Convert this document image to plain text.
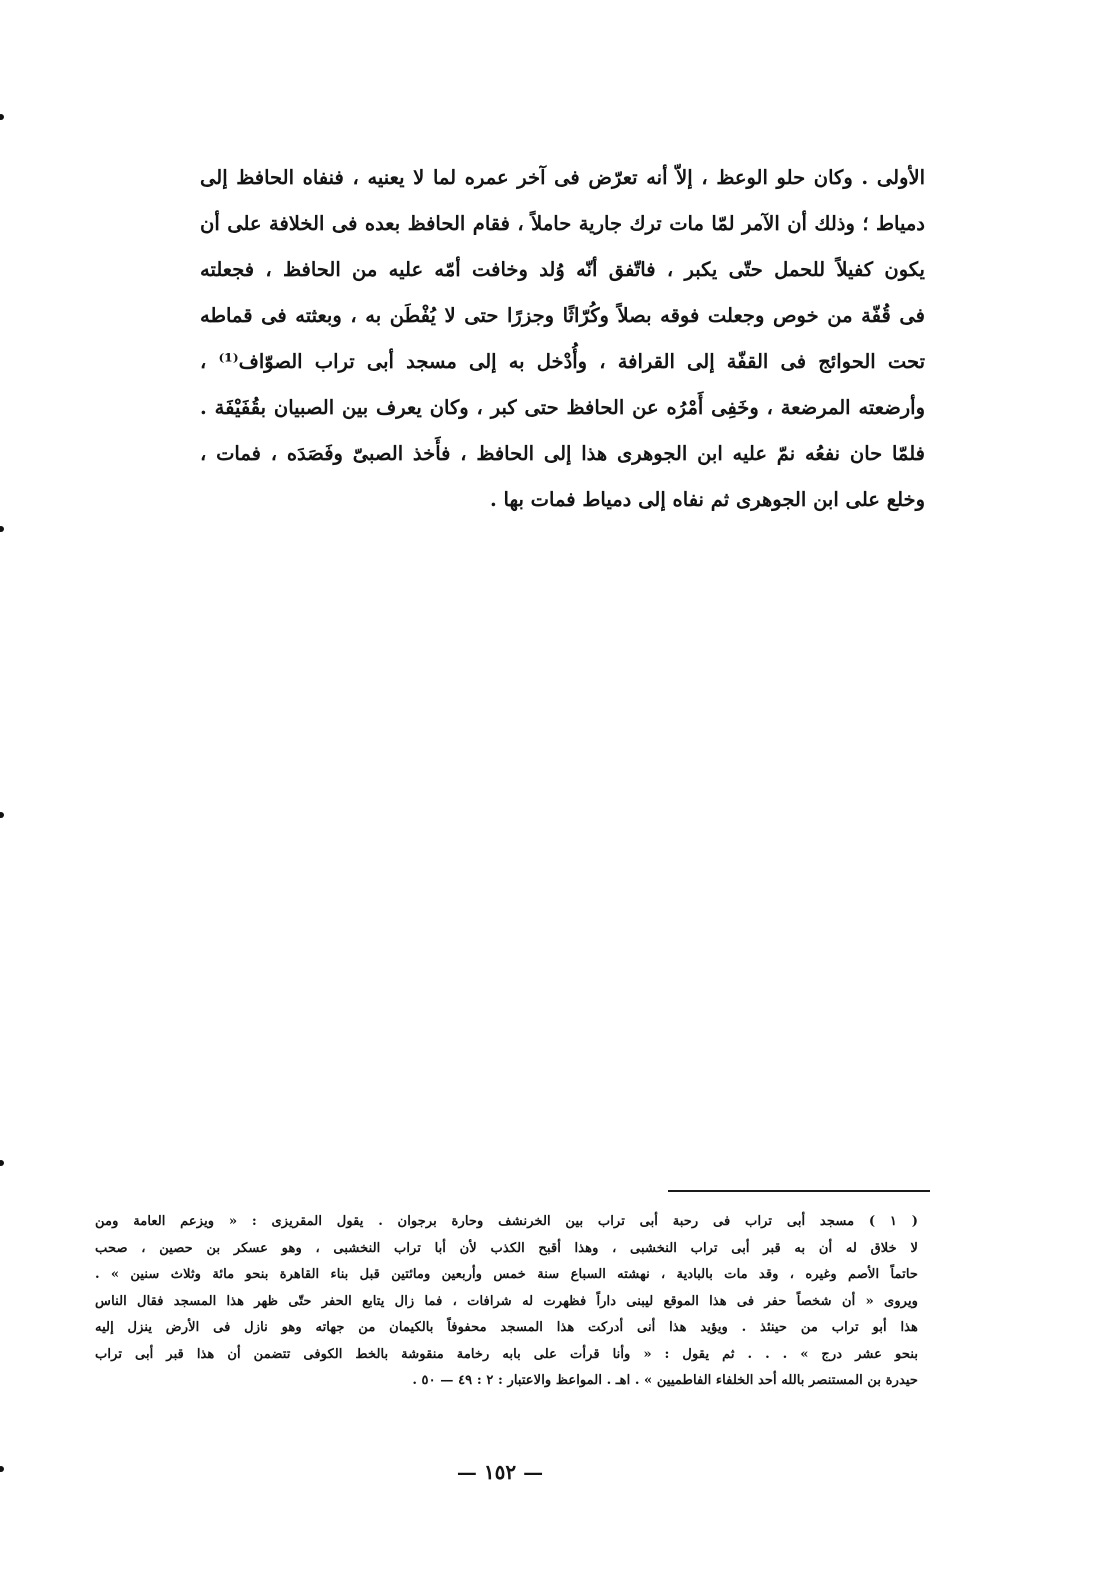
الأولى . وكان حلو الوعظ ، إلاّ أنه تعرّض فى آخر عمره لما لا يعنيه ، فنفاه الحافظ إلى
دمياط ؛ وذلك أن الآمر لمّا مات ترك جارية حاملاً ، فقام الحافظ بعده فى الخلافة على أن
يكون كفيلاً للحمل حتّى يكبر ، فاتّفق أنّه وُلد وخافت أمّه عليه من الحافظ ، فجعلته
فى قُفّة من خوص وجعلت فوقه بصلاً وكُرّاثًا وجزرًا حتى لا يُفْطَن به ، وبعثته فى قماطه
تحت الحوائج فى القفّة إلى القرافة ، وأُدْخل به إلى مسجد أبى تراب الصوّاف⁽¹⁾ ،
وأرضعته المرضعة ، وخَفِى أَمْرُه عن الحافظ حتى كبر ، وكان يعرف بين الصبيان بقُفَيْفَة .
فلمّا حان نفعُه نمّ عليه ابن الجوهرى هذا إلى الحافظ ، فأَخذ الصبىّ وفَصَدَه ، فمات ،
وخلع على ابن الجوهرى ثم نفاه إلى دمياط فمات بها .
( ١ ) مسجد أبى تراب فى رحبة أبى تراب بين الخرنشف وحارة برجوان . يقول المقريزى : « ويزعم العامة ومن
لا خلاق له أن به قبر أبى تراب النخشبى ، وهذا أقبح الكذب لأن أبا تراب النخشبى ، وهو عسكر بن حصين ، صحب
حاتماً الأصم وغيره ، وقد مات بالبادية ، نهشته السباع سنة خمس وأربعين ومائتين قبل بناء القاهرة بنحو مائة وثلاث سنين » .
ويروى « أن شخصاً حفر فى هذا الموقع ليبنى داراً فظهرت له شرافات ، فما زال يتابع الحفر حتّى ظهر هذا المسجد فقال الناس
هذا أبو تراب من حينئذ . ويؤيد هذا أنى أدركت هذا المسجد محفوفاً بالكيمان من جهاته وهو نازل فى الأرض ينزل إليه
بنحو عشر درج » . . . ثم يقول : « وأنا قرأت على بابه رخامة منقوشة بالخط الكوفى تتضمن أن هذا قبر أبى تراب
حيدرة بن المستنصر بالله أحد الخلفاء الفاطميين » . اهـ . المواعظ والاعتبار : ٢ : ٤٩ — ٥٠ .
— ١٥٢ —
